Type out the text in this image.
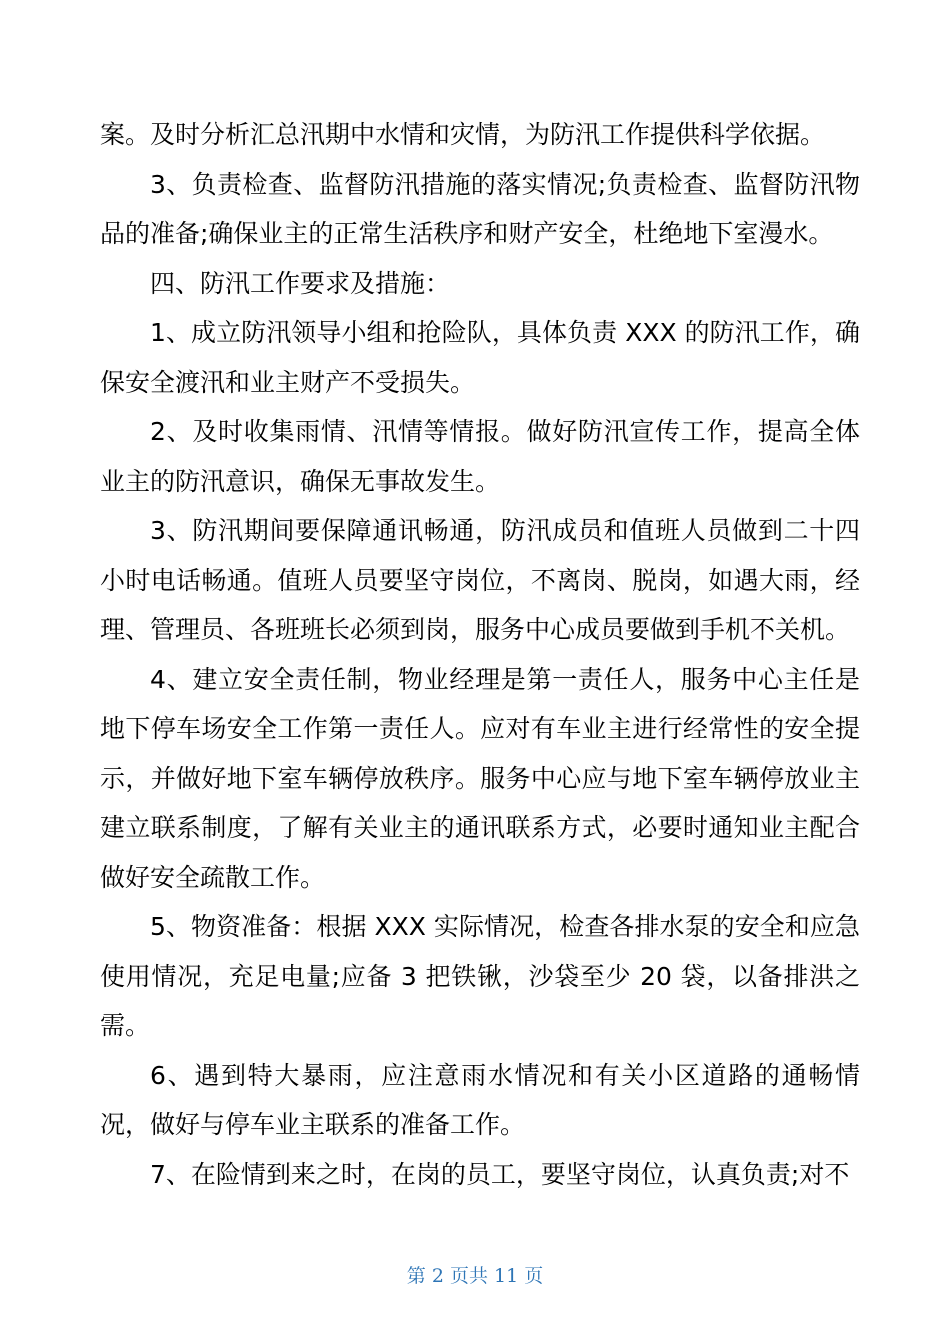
案。及时分析汇总汛期中水情和灾情，为防汛工作提供科学依据。

3、负责检查、监督防汛措施的落实情况;负责检查、监督防汛物品的准备;确保业主的正常生活秩序和财产安全，杜绝地下室漫水。

四、防汛工作要求及措施：

1、成立防汛领导小组和抢险队，具体负责 XXX 的防汛工作，确保安全渡汛和业主财产不受损失。

2、及时收集雨情、汛情等情报。做好防汛宣传工作，提高全体业主的防汛意识，确保无事故发生。

3、防汛期间要保障通讯畅通，防汛成员和值班人员做到二十四小时电话畅通。值班人员要坚守岗位，不离岗、脱岗，如遇大雨，经理、管理员、各班班长必须到岗，服务中心成员要做到手机不关机。

4、建立安全责任制，物业经理是第一责任人，服务中心主任是地下停车场安全工作第一责任人。应对有车业主进行经常性的安全提示，并做好地下室车辆停放秩序。服务中心应与地下室车辆停放业主建立联系制度，了解有关业主的通讯联系方式，必要时通知业主配合做好安全疏散工作。

5、物资准备：根据 XXX 实际情况，检查各排水泵的安全和应急使用情况，充足电量;应备 3 把铁锹，沙袋至少 20 袋，以备排洪之需。

6、遇到特大暴雨，应注意雨水情况和有关小区道路的通畅情况，做好与停车业主联系的准备工作。

7、在险情到来之时，在岗的员工，要坚守岗位，认真负责;对不

第 2 页共 11 页
